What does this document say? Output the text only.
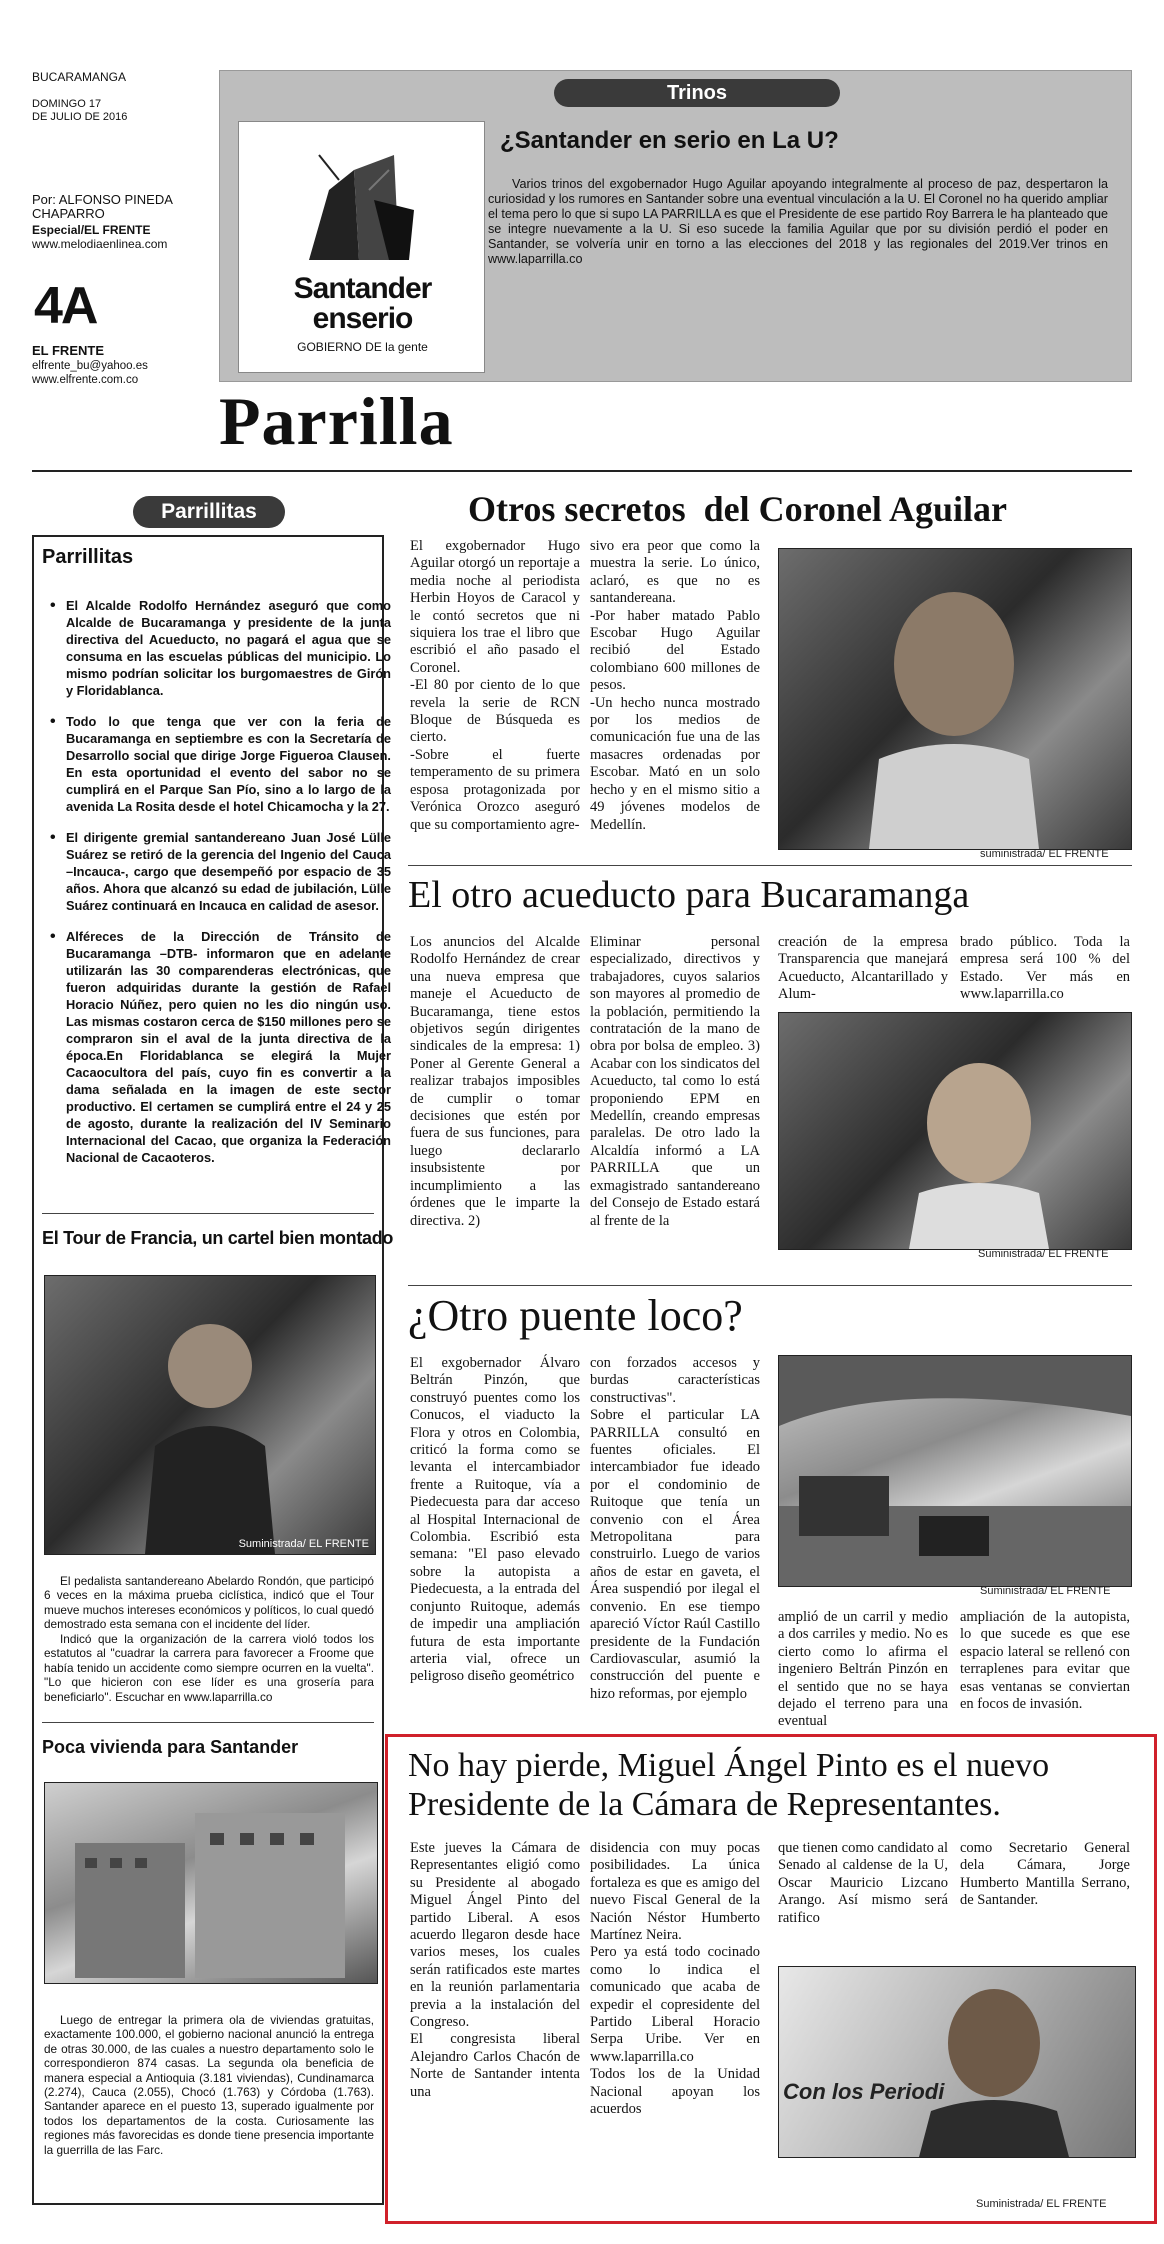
BUCARAMANGA
DOMINGO 17
DE JULIO DE 2016
Por: ALFONSO PINEDA
CHAPARRO
Especial/EL FRENTE
www.melodiaenlinea.com
4A
EL FRENTE
elfrente_bu@yahoo.es
www.elfrente.com.co
Trinos
Santander
enserio
GOBIERNO DE la gente
¿Santander en serio en La U?
Varios trinos del exgobernador Hugo Aguilar apoyando integralmente al proceso de paz, despertaron la curiosidad y los rumores en Santander sobre una eventual vinculación a la U. El Coronel no ha querido ampliar el tema pero lo que si supo LA PARRILLA es que el Presidente de ese partido Roy Barrera le ha planteado que se integre nuevamente a la U. Si eso sucede la familia Aguilar que por su división perdió el poder en Santander, se volvería unir en torno a las elecciones del 2018 y las regionales del 2019.Ver trinos en www.laparrilla.co
Parrilla
Parrillitas
Parrillitas
• El Alcalde Rodolfo Hernández aseguró que como Alcalde de Bucaramanga y presidente de la junta directiva del Acueducto, no pagará el agua que se consuma en las escuelas públicas del municipio. Lo mismo podrían solicitar los burgomaestres de Girón y Floridablanca.
• Todo lo que tenga que ver con la feria de Bucaramanga en septiembre es con la Secretaría de Desarrollo social que dirige Jorge Figueroa Clausen. En esta oportunidad el evento del sabor no se cumplirá en el Parque San Pío, sino a lo largo de la avenida La Rosita desde el hotel Chicamocha y la 27.
• El dirigente gremial santandereano Juan José Lülle Suárez se retiró de la gerencia del Ingenio del Cauca –Incauca-, cargo que desempeñó por espacio de 35 años. Ahora que alcanzó su edad de jubilación, Lülle Suárez continuará en Incauca en calidad de asesor.
• Alféreces de la Dirección de Tránsito de Bucaramanga –DTB- informaron que en adelante utilizarán las 30 comparenderas electrónicas, que fueron adquiridas durante la gestión de Rafael Horacio Núñez, pero quien no les dio ningún uso. Las mismas costaron cerca de $150 millones pero se compraron sin el aval de la junta directiva de la época.En Floridablanca se elegirá la Mujer Cacaocultora del país, cuyo fin es convertir a la dama señalada en la imagen de este sector productivo. El certamen se cumplirá entre el 24 y 25 de agosto, durante la realización del IV Seminario Internacional del Cacao, que organiza la Federación Nacional de Cacaoteros.
El Tour de Francia, un cartel bien montado
Suministrada/ EL FRENTE
El pedalista santandereano Abelardo Rondón, que participó 6 veces en la máxima prueba ciclística, indicó que el Tour mueve muchos intereses económicos y políticos, lo cual quedó demostrado esta semana con el incidente del líder.
Indicó que la organización de la carrera violó todos los estatutos al "cuadrar la carrera para favorecer a Froome que había tenido un accidente como siempre ocurren en la vuelta". "Lo que hicieron con ese líder es una grosería para beneficiarlo". Escuchar en www.laparrilla.co
Poca vivienda para Santander
Luego de entregar la primera ola de viviendas gratuitas, exactamente 100.000, el gobierno nacional anunció la entrega de otras 30.000, de las cuales a nuestro departamento solo le correspondieron 874 casas. La segunda ola beneficia de manera especial a Antioquia (3.181 viviendas), Cundinamarca (2.274), Cauca (2.055), Chocó (1.763) y Córdoba (1.763). Santander aparece en el puesto 13, superado igualmente por todos los departamentos de la costa. Curiosamente las regiones más favorecidas es donde tiene presencia importante la guerrilla de las Farc.
Otros secretos  del Coronel Aguilar
El exgobernador Hugo Aguilar otorgó un reportaje a media noche al periodista Herbin Hoyos de Caracol y le contó secretos que ni siquiera los trae el libro que escribió el año pasado el Coronel.
-El 80 por ciento de lo que revela la serie de RCN Bloque de Búsqueda es cierto.
-Sobre el fuerte temperamento de su primera esposa protagonizada por Verónica Orozco aseguró que su comportamiento agre-
sivo era peor que como la muestra la serie. Lo único, aclaró, es que no es santandereana.
-Por haber matado Pablo Escobar Hugo Aguilar recibió del Estado colombiano 600 millones de pesos.
-Un hecho nunca mostrado por los medios de comunicación fue una de las masacres ordenadas por Escobar. Mató en un solo hecho y en el mismo sitio a 49 jóvenes modelos de Medellín.
suministrada/ EL FRENTE
El otro acueducto para Bucaramanga
Los anuncios del Alcalde Rodolfo Hernández de crear una nueva empresa que maneje el Acueducto de Bucaramanga, tiene estos objetivos según dirigentes sindicales de la empresa: 1) Poner al Gerente General a realizar trabajos imposibles de cumplir o tomar decisiones que estén por fuera de sus funciones, para luego declararlo insubsistente por incumplimiento a las órdenes que le imparte la directiva. 2)
Eliminar personal especializado, directivos y trabajadores, cuyos salarios son mayores al promedio de la población, permitiendo la contratación de la mano de obra por bolsa de empleo. 3) Acabar con los sindicatos del Acueducto, tal como lo está proponiendo EPM en Medellín, creando empresas paralelas. De otro lado la Alcaldía informó a LA PARRILLA que un exmagistrado santandereano del Consejo de Estado estará al frente de la
creación de la empresa Transparencia que manejará Acueducto, Alcantarillado y Alum-
brado público. Toda la empresa será 100 % del Estado. Ver más en www.laparrilla.co
Suministrada/ EL FRENTE
¿Otro puente loco?
El exgobernador Álvaro Beltrán Pinzón, que construyó puentes como los Conucos, el viaducto la Flora y otros en Colombia, criticó la forma como se levanta el intercambiador frente a Ruitoque, vía a Piedecuesta para dar acceso al Hospital Internacional de Colombia. Escribió esta semana: "El paso elevado sobre la autopista a Piedecuesta, a la entrada del conjunto Ruitoque, además de impedir una ampliación futura de esta importante arteria vial, ofrece un peligroso diseño geométrico
con forzados accesos y burdas características constructivas".
Sobre el particular LA PARRILLA consultó en fuentes oficiales. El intercambiador fue ideado por el condominio de Ruitoque que tenía un convenio con el Área Metropolitana para construirlo. Luego de varios años de estar en gaveta, el Área suspendió por ilegal el convenio. En ese tiempo apareció Víctor Raúl Castillo presidente de la Fundación Cardiovascular, asumió la construcción del puente e hizo reformas, por ejemplo
Suministrada/ EL FRENTE
amplió de un carril y medio a dos carriles y medio. No es cierto como lo afirma el ingeniero Beltrán Pinzón en el sentido que no se haya dejado el terreno para una eventual
ampliación de la autopista, lo que sucede es que ese espacio lateral se rellenó con terraplenes para evitar que esas ventanas se conviertan en focos de invasión.
No hay pierde, Miguel Ángel Pinto es el nuevo Presidente de la Cámara de Representantes.
Este jueves la Cámara de Representantes eligió como su Presidente al abogado Miguel Ángel Pinto del partido Liberal. A esos acuerdo llegaron desde hace varios meses, los cuales serán ratificados este martes en la reunión parlamentaria previa a la instalación del Congreso.
El congresista liberal Alejandro Carlos Chacón de Norte de Santander intenta una
disidencia con muy pocas posibilidades. La única fortaleza es que es amigo del nuevo Fiscal General de la Nación Néstor Humberto Martínez Neira.
Pero ya está todo cocinado como lo indica el comunicado que acaba de expedir el copresidente del Partido Liberal Horacio Serpa Uribe. Ver en www.laparrilla.co
Todos los de la Unidad Nacional apoyan los acuerdos
que tienen como candidato al Senado al caldense de la U, Oscar Mauricio Lizcano Arango. Así mismo será ratifico
como Secretario General dela Cámara, Jorge Humberto Mantilla Serrano, de Santander.
Con los Periodi
Suministrada/ EL FRENTE
